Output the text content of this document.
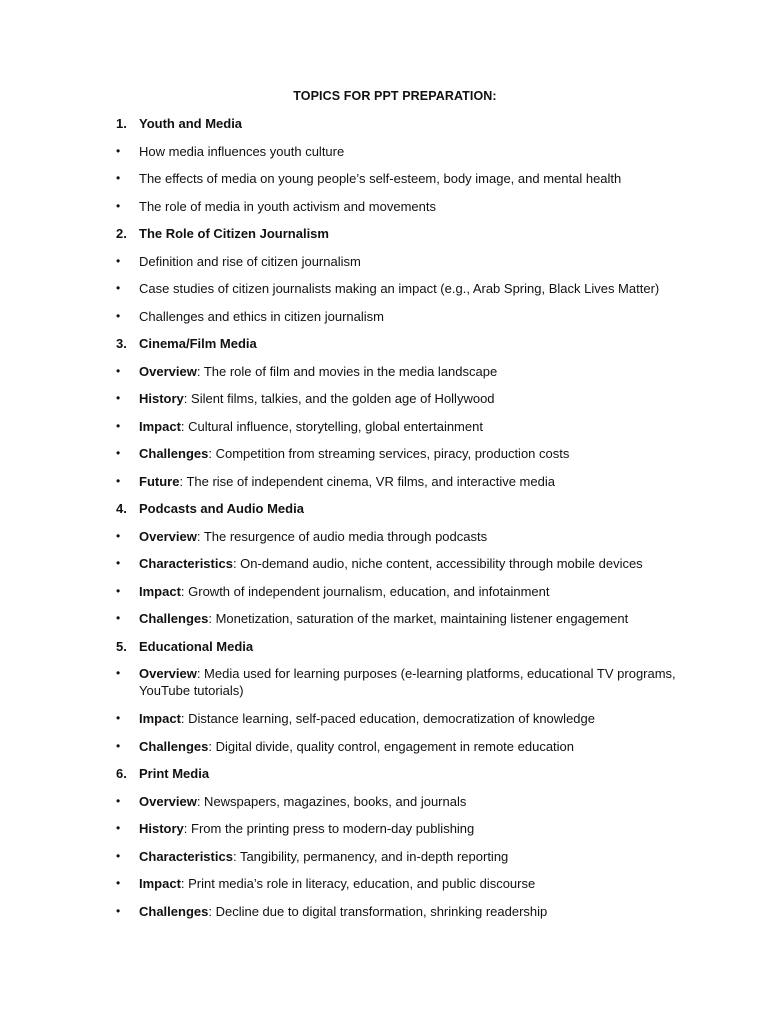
TOPICS FOR PPT PREPARATION:
1. Youth and Media
• How media influences youth culture
• The effects of media on young people’s self-esteem, body image, and mental health
• The role of media in youth activism and movements
2. The Role of Citizen Journalism
• Definition and rise of citizen journalism
• Case studies of citizen journalists making an impact (e.g., Arab Spring, Black Lives Matter)
• Challenges and ethics in citizen journalism
3. Cinema/Film Media
• Overview: The role of film and movies in the media landscape
• History: Silent films, talkies, and the golden age of Hollywood
• Impact: Cultural influence, storytelling, global entertainment
• Challenges: Competition from streaming services, piracy, production costs
• Future: The rise of independent cinema, VR films, and interactive media
4. Podcasts and Audio Media
• Overview: The resurgence of audio media through podcasts
• Characteristics: On-demand audio, niche content, accessibility through mobile devices
• Impact: Growth of independent journalism, education, and infotainment
• Challenges: Monetization, saturation of the market, maintaining listener engagement
5. Educational Media
• Overview: Media used for learning purposes (e-learning platforms, educational TV programs, YouTube tutorials)
• Impact: Distance learning, self-paced education, democratization of knowledge
• Challenges: Digital divide, quality control, engagement in remote education
6. Print Media
• Overview: Newspapers, magazines, books, and journals
• History: From the printing press to modern-day publishing
• Characteristics: Tangibility, permanency, and in-depth reporting
• Impact: Print media’s role in literacy, education, and public discourse
• Challenges: Decline due to digital transformation, shrinking readership
